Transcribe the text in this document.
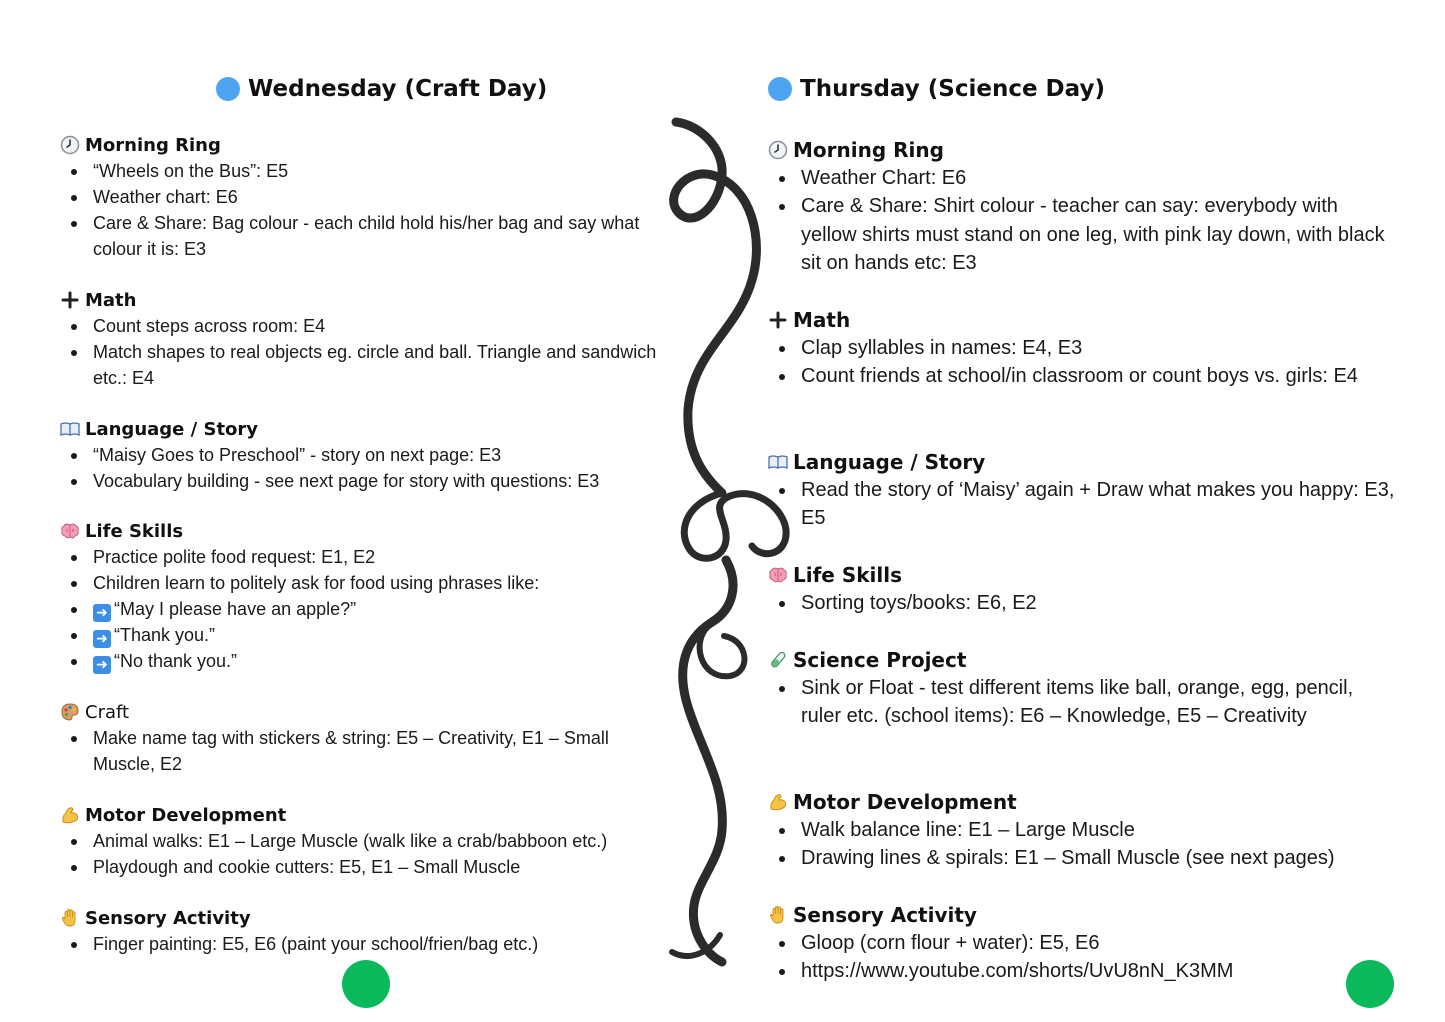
Wednesday (Craft Day)
Morning Ring
“Wheels on the Bus”: E5
Weather chart: E6
Care & Share: Bag colour - each child hold his/her bag and say what colour it is: E3
Math
Count steps across room: E4
Match shapes to real objects eg. circle and ball. Triangle and sandwich etc.: E4
Language / Story
“Maisy Goes to Preschool” - story on next page: E3
Vocabulary building - see next page for story with questions: E3
Life Skills
Practice polite food request: E1, E2
Children learn to politely ask for food using phrases like:
➜ “May I please have an apple?”
➜ “Thank you.”
➜ “No thank you.”
Craft
Make name tag with stickers & string: E5 – Creativity, E1 – Small Muscle, E2
Motor Development
Animal walks: E1 – Large Muscle (walk like a crab/babboon etc.)
Playdough and cookie cutters: E5, E1 – Small Muscle
Sensory Activity
Finger painting: E5, E6 (paint your school/frien/bag etc.)
Thursday (Science Day)
Morning Ring
Weather Chart: E6
Care & Share: Shirt colour - teacher can say: everybody with yellow shirts must stand on one leg, with pink lay down, with black sit on hands etc: E3
Math
Clap syllables in names: E4, E3
Count friends at school/in classroom or count boys vs. girls: E4
Language / Story
Read the story of ‘Maisy’ again + Draw what makes you happy: E3, E5
Life Skills
Sorting toys/books: E6, E2
Science Project
Sink or Float - test different items like ball, orange, egg, pencil, ruler etc. (school items): E6 – Knowledge, E5 – Creativity
Motor Development
Walk balance line: E1 – Large Muscle
Drawing lines & spirals: E1 – Small Muscle (see next pages)
Sensory Activity
Gloop (corn flour + water): E5, E6
https://www.youtube.com/shorts/UvU8nN_K3MM
